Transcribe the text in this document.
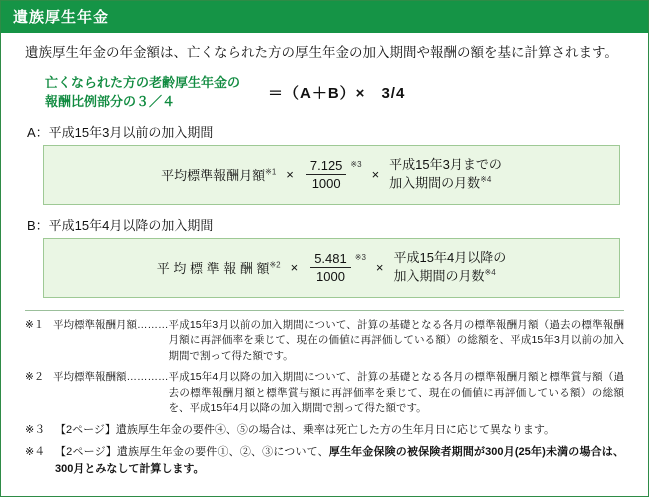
遺族厚生年金
遺族厚生年金の年金額は、亡くなられた方の厚生年金の加入期間や報酬の額を基に計算されます。
亡くなられた方の老齢厚生年金の
報酬比例部分の３／４	＝（A＋B）×　3/4
A：平成15年3月以前の加入期間
平均標準報酬月額$^{※1} \times \frac{7.125}{1000}$ ※3
×
平成15年3月までの
加入期間の月数$^{※4}$
B：平成15年4月以降の加入期間
平 均 標 準 報 酬 額$^{※2} \times \frac{5.481}{1000}$ ※3
×
平成15年4月以降の
加入期間の月数$^{※4}$
※１ 平均標準報酬月額……… 平成15年3月以前の加入期間について、計算の基礎となる各月の標準報酬月額（過去の標準報酬月額に再評価率を乗じて、現在の価値に再評価している額）の総額を、平成15年3月以前の加入期間で割って得た額です。
※２ 平均標準報酬額………… 平成15年4月以降の加入期間について、計算の基礎となる各月の標準報酬月額と標準賞与額（過去の標準報酬月額と標準賞与額に再評価率を乗じて、現在の価値に再評価している額）の総額を、平成15年4月以降の加入期間で割って得た額です。
※３ 【2ページ】遺族厚生年金の要件④、⑤の場合は、乗率は死亡した方の生年月日に応じて異なります。
※４ 【2ページ】遺族厚生年金の要件①、②、③について、厚生年金保険の被保険者期間が300月(25年)未満の場合は、300月とみなして計算します。
